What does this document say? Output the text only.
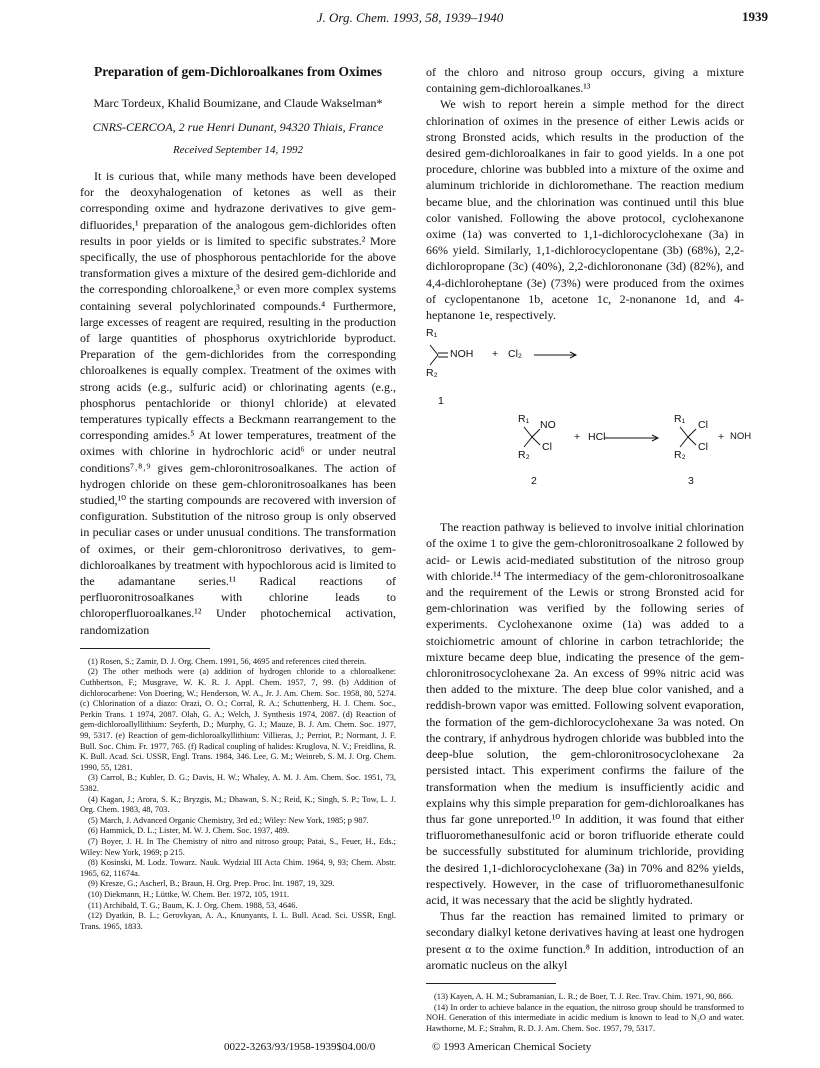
J. Org. Chem. 1993, 58, 1939–1940	1939
Preparation of gem-Dichloroalkanes from Oximes
Marc Tordeux, Khalid Boumizane, and Claude Wakselman*
CNRS-CERCOA, 2 rue Henri Dunant, 94320 Thiais, France
Received September 14, 1992

It is curious that, while many methods have been developed for the deoxyhalogenation of ketones as well as their corresponding oxime and hydrazone derivatives to give gem-difluorides,¹ preparation of the analogous gem-dichlorides often results in poor yields or is limited to specific substrates.² More specifically, the use of phosphorous pentachloride for the above transformation gives a mixture of the desired gem-dichloride and the corresponding chloroalkene,³ or even more complex systems containing several polychlorinated compounds.⁴ Furthermore, large excesses of reagent are required, resulting in the production of large quantities of phosphorus oxytrichloride byproduct. Preparation of the gem-dichlorides from the corresponding chloroalkenes is equally complex. Treatment of the oximes with strong acids (e.g., sulfuric acid) or chlorinating agents (e.g., phosphorus pentachloride or thionyl chloride) at elevated temperatures typically effects a Beckmann rearrangement to the corresponding amides.⁵ At lower temperatures, treatment of the oximes with chlorine in hydrochloric acid⁶ or under neutral conditions⁷˒⁸˒⁹ gives gem-chloronitrosoalkanes. The action of hydrogen chloride on these gem-chloronitrosoalkanes has been studied,¹⁰ the starting compounds are recovered with inversion of configuration. Substitution of the nitroso group is only observed in peculiar cases or under unusual conditions. The transformation of oximes, or their gem-chloronitroso derivatives, to gem-dichloroalkanes by treatment with hypochlorous acid is limited to the adamantane series.¹¹ Radical reactions of perfluoronitrosoalkanes with chlorine leads to chloroperfluoroalkanes.¹² Under photochemical activation, randomization

(1) Rosen, S.; Zamir, D. J. Org. Chem. 1991, 56, 4695 and references cited therein.

(2) The other methods were (a) addition of hydrogen chloride to a chloroalkene: Cuthbertson, F.; Musgrave, W. K. R. J. Appl. Chem. 1957, 7, 99. (b) Addition of dichlorocarbene: Von Doering, W.; Henderson, W. A., Jr. J. Am. Chem. Soc. 1958, 80, 5274. (c) Chlorination of a diazo: Orazi, O. O.; Corral, R. A.; Schuttenberg, H. J. Chem. Soc., Perkin Trans. 1 1974, 2087. Olah, G. A.; Welch, J. Synthesis 1974, 2087. (d) Reaction of gem-dichloroallyllithium: Seyferth, D.; Murphy, G. J.; Mauze, B. J. Am. Chem. Soc. 1977, 99, 5317. (e) Reaction of gem-dichloroalkyllithium: Villieras, J.; Perriot, P.; Normant, J. F. Bull. Soc. Chim. Fr. 1977, 765. (f) Radical coupling of halides: Kruglova, N. V.; Freidlina, R. K. Bull. Acad. Sci. USSR, Engl. Trans. 1984, 346. Lee, G. M.; Weinreb, S. M. J. Org. Chem. 1990, 55, 1281.

(3) Carrol, B.; Kubler, D. G.; Davis, H. W.; Whaley, A. M. J. Am. Chem. Soc. 1951, 73, 5382.

(4) Kagan, J.; Arora, S. K.; Bryzgis, M.; Dhawan, S. N.; Reid, K.; Singh, S. P.; Tow, L. J. Org. Chem. 1983, 48, 703.

(5) March, J. Advanced Organic Chemistry, 3rd ed.; Wiley: New York, 1985; p 987.

(6) Hammick, D. L.; Lister, M. W. J. Chem. Soc. 1937, 489.

(7) Boyer, J. H. In The Chemistry of nitro and nitroso group; Patai, S., Feuer, H., Eds.; Wiley: New York, 1969; p 215.

(8) Kosinski, M. Lodz. Towarz. Nauk. Wydzial III Acta Chim. 1964, 9, 93; Chem. Abstr. 1965, 62, 11674a.

(9) Kresze, G.; Ascherl, B.; Braun, H. Org. Prep. Proc. Int. 1987, 19, 329.

(10) Diekmann, H.; Lüttke, W. Chem. Ber. 1972, 105, 1911.

(11) Archibald, T. G.; Baum, K. J. Org. Chem. 1988, 53, 4646.

(12) Dyatkin, B. L.; Gerovkyan, A. A., Knunyants, I. L. Bull. Acad. Sci. USSR, Engl. Trans. 1965, 1833.

of the chloro and nitroso group occurs, giving a mixture containing gem-dichloroalkanes.¹³

We wish to report herein a simple method for the direct chlorination of oximes in the presence of either Lewis acids or strong Bronsted acids, which results in the production of the desired gem-dichloroalkanes in fair to good yields. In a one pot procedure, chlorine was bubbled into a mixture of the oxime and aluminum trichloride in dichloromethane. The reaction medium became blue, and the chlorination was continued until this blue color vanished. Following the above protocol, cyclohexanone oxime (1a) was converted to 1,1-dichlorocyclohexane (3a) in 66% yield. Similarly, 1,1-dichlorocyclopentane (3b) (68%), 2,2-dichloropropane (3c) (40%), 2,2-dichlorononane (3d) (82%), and 4,4-dichloroheptane (3e) (73%) were produced from the oximes of cyclopentanone 1b, acetone 1c, 2-nonanone 1d, and 4-heptanone 1e, respectively.

R₁
NOH + Cl₂
R₂
1
R₁ NO
Cl
R₂
+ HCl
2
R₁ Cl
Cl
R₂
+ NOH
3

The reaction pathway is believed to involve initial chlorination of the oxime 1 to give the gem-chloronitrosoalkane 2 followed by acid- or Lewis acid-mediated substitution of the nitroso group with chloride.¹⁴ The intermediacy of the gem-chloronitrosoalkane and the requirement of the Lewis or strong Bronsted acid for gem-chlorination was verified by the following series of experiments. Cyclohexanone oxime (1a) was added to a stoichiometric amount of chlorine in carbon tetrachloride; the mixture became deep blue, indicating the presence of the gem-chloronitrosocyclohexane 2a. An excess of 99% nitric acid was then added to the mixture. The deep blue color vanished, and a reddish-brown vapor was emitted. Following solvent evaporation, the formation of the gem-dichlorocyclohexane 3a was noted. On the contrary, if anhydrous hydrogen chloride was bubbled into the deep-blue solution, the gem-chloronitrosocyclohexane 2a persisted intact. This experiment confirms the failure of the transformation when the medium is insufficiently acidic and explains why this simple preparation for gem-dichloroalkanes has thus far gone unreported.¹⁰ In addition, it was found that either trifluoromethanesulfonic acid or boron trifluoride etherate could be successfully substituted for aluminum trichloride, providing the desired 1,1-dichlorocyclohexane (3a) in 70% and 82% yields, respectively. However, in the case of trifluoromethanesulfonic acid, it was necessary that the acid be slightly hydrated.

Thus far the reaction has remained limited to primary or secondary dialkyl ketone derivatives having at least one hydrogen present α to the oxime function.⁸ In addition, introduction of an aromatic nucleus on the alkyl

(13) Kayen, A. H. M.; Subramanian, L. R.; de Boer, T. J. Rec. Trav. Chim. 1971, 90, 866.

(14) In order to achieve balance in the equation, the nitroso group should be transformed to NOH. Generation of this intermediate in acidic medium is known to lead to N₂O and water. Hawthorne, M. F.; Strahm, R. D. J. Am. Chem. Soc. 1957, 79, 5317.

0022-3263/93/1958-1939$04.00/0	© 1993 American Chemical Society
